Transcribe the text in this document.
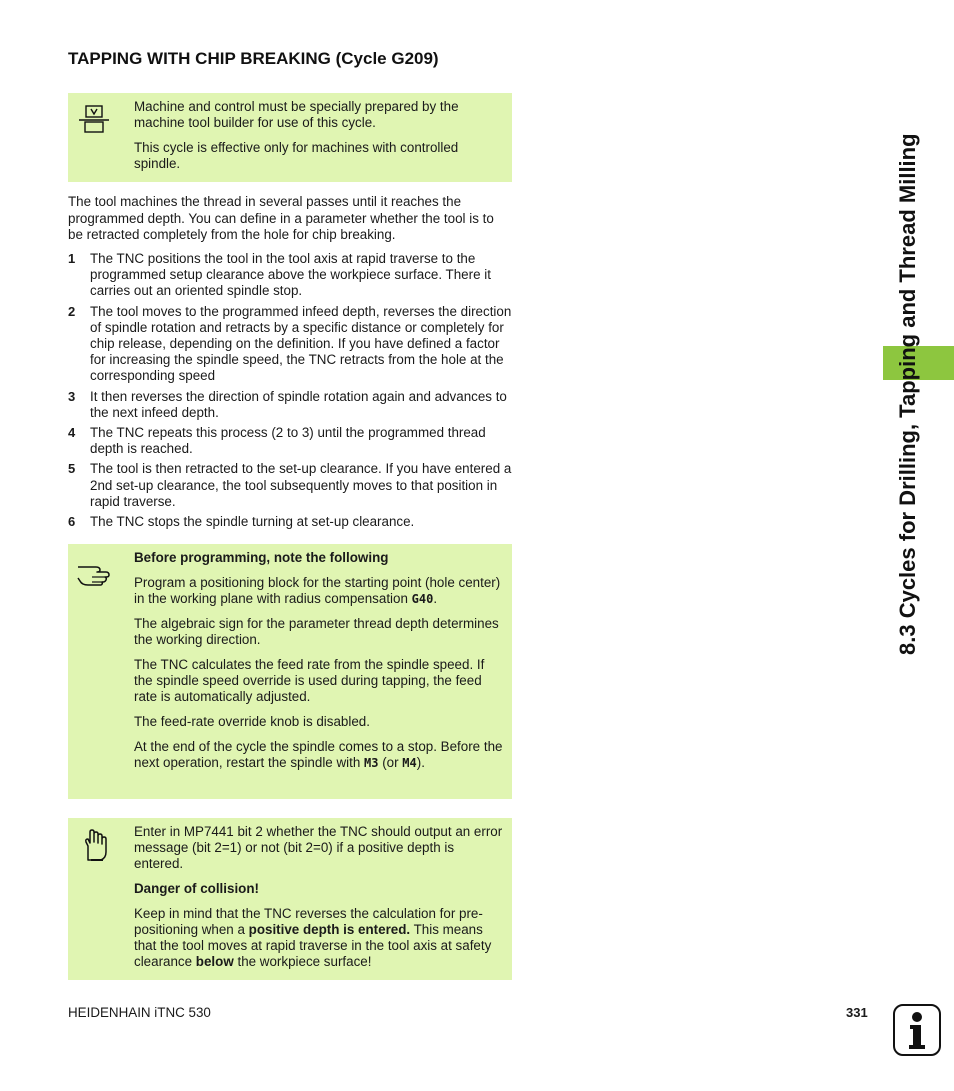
TAPPING WITH CHIP BREAKING (Cycle G209)

Machine and control must be specially prepared by the machine tool builder for use of this cycle.

This cycle is effective only for machines with controlled spindle.

The tool machines the thread in several passes until it reaches the programmed depth. You can define in a parameter whether the tool is to be retracted completely from the hole for chip breaking.

1 The TNC positions the tool in the tool axis at rapid traverse to the programmed setup clearance above the workpiece surface. There it carries out an oriented spindle stop.
2 The tool moves to the programmed infeed depth, reverses the direction of spindle rotation and retracts by a specific distance or completely for chip release, depending on the definition. If you have defined a factor for increasing the spindle speed, the TNC retracts from the hole at the corresponding speed
3 It then reverses the direction of spindle rotation again and advances to the next infeed depth.
4 The TNC repeats this process (2 to 3) until the programmed thread depth is reached.
5 The tool is then retracted to the set-up clearance. If you have entered a 2nd set-up clearance, the tool subsequently moves to that position in rapid traverse.
6 The TNC stops the spindle turning at set-up clearance.

Before programming, note the following

Program a positioning block for the starting point (hole center) in the working plane with radius compensation G40.

The algebraic sign for the parameter thread depth determines the working direction.

The TNC calculates the feed rate from the spindle speed. If the spindle speed override is used during tapping, the feed rate is automatically adjusted.

The feed-rate override knob is disabled.

At the end of the cycle the spindle comes to a stop. Before the next operation, restart the spindle with M3 (or M4).

Enter in MP7441 bit 2 whether the TNC should output an error message (bit 2=1) or not (bit 2=0) if a positive depth is entered.

Danger of collision!

Keep in mind that the TNC reverses the calculation for pre-positioning when a positive depth is entered. This means that the tool moves at rapid traverse in the tool axis at safety clearance below the workpiece surface!

8.3 Cycles for Drilling, Tapping and Thread Milling
HEIDENHAIN iTNC 530	331
